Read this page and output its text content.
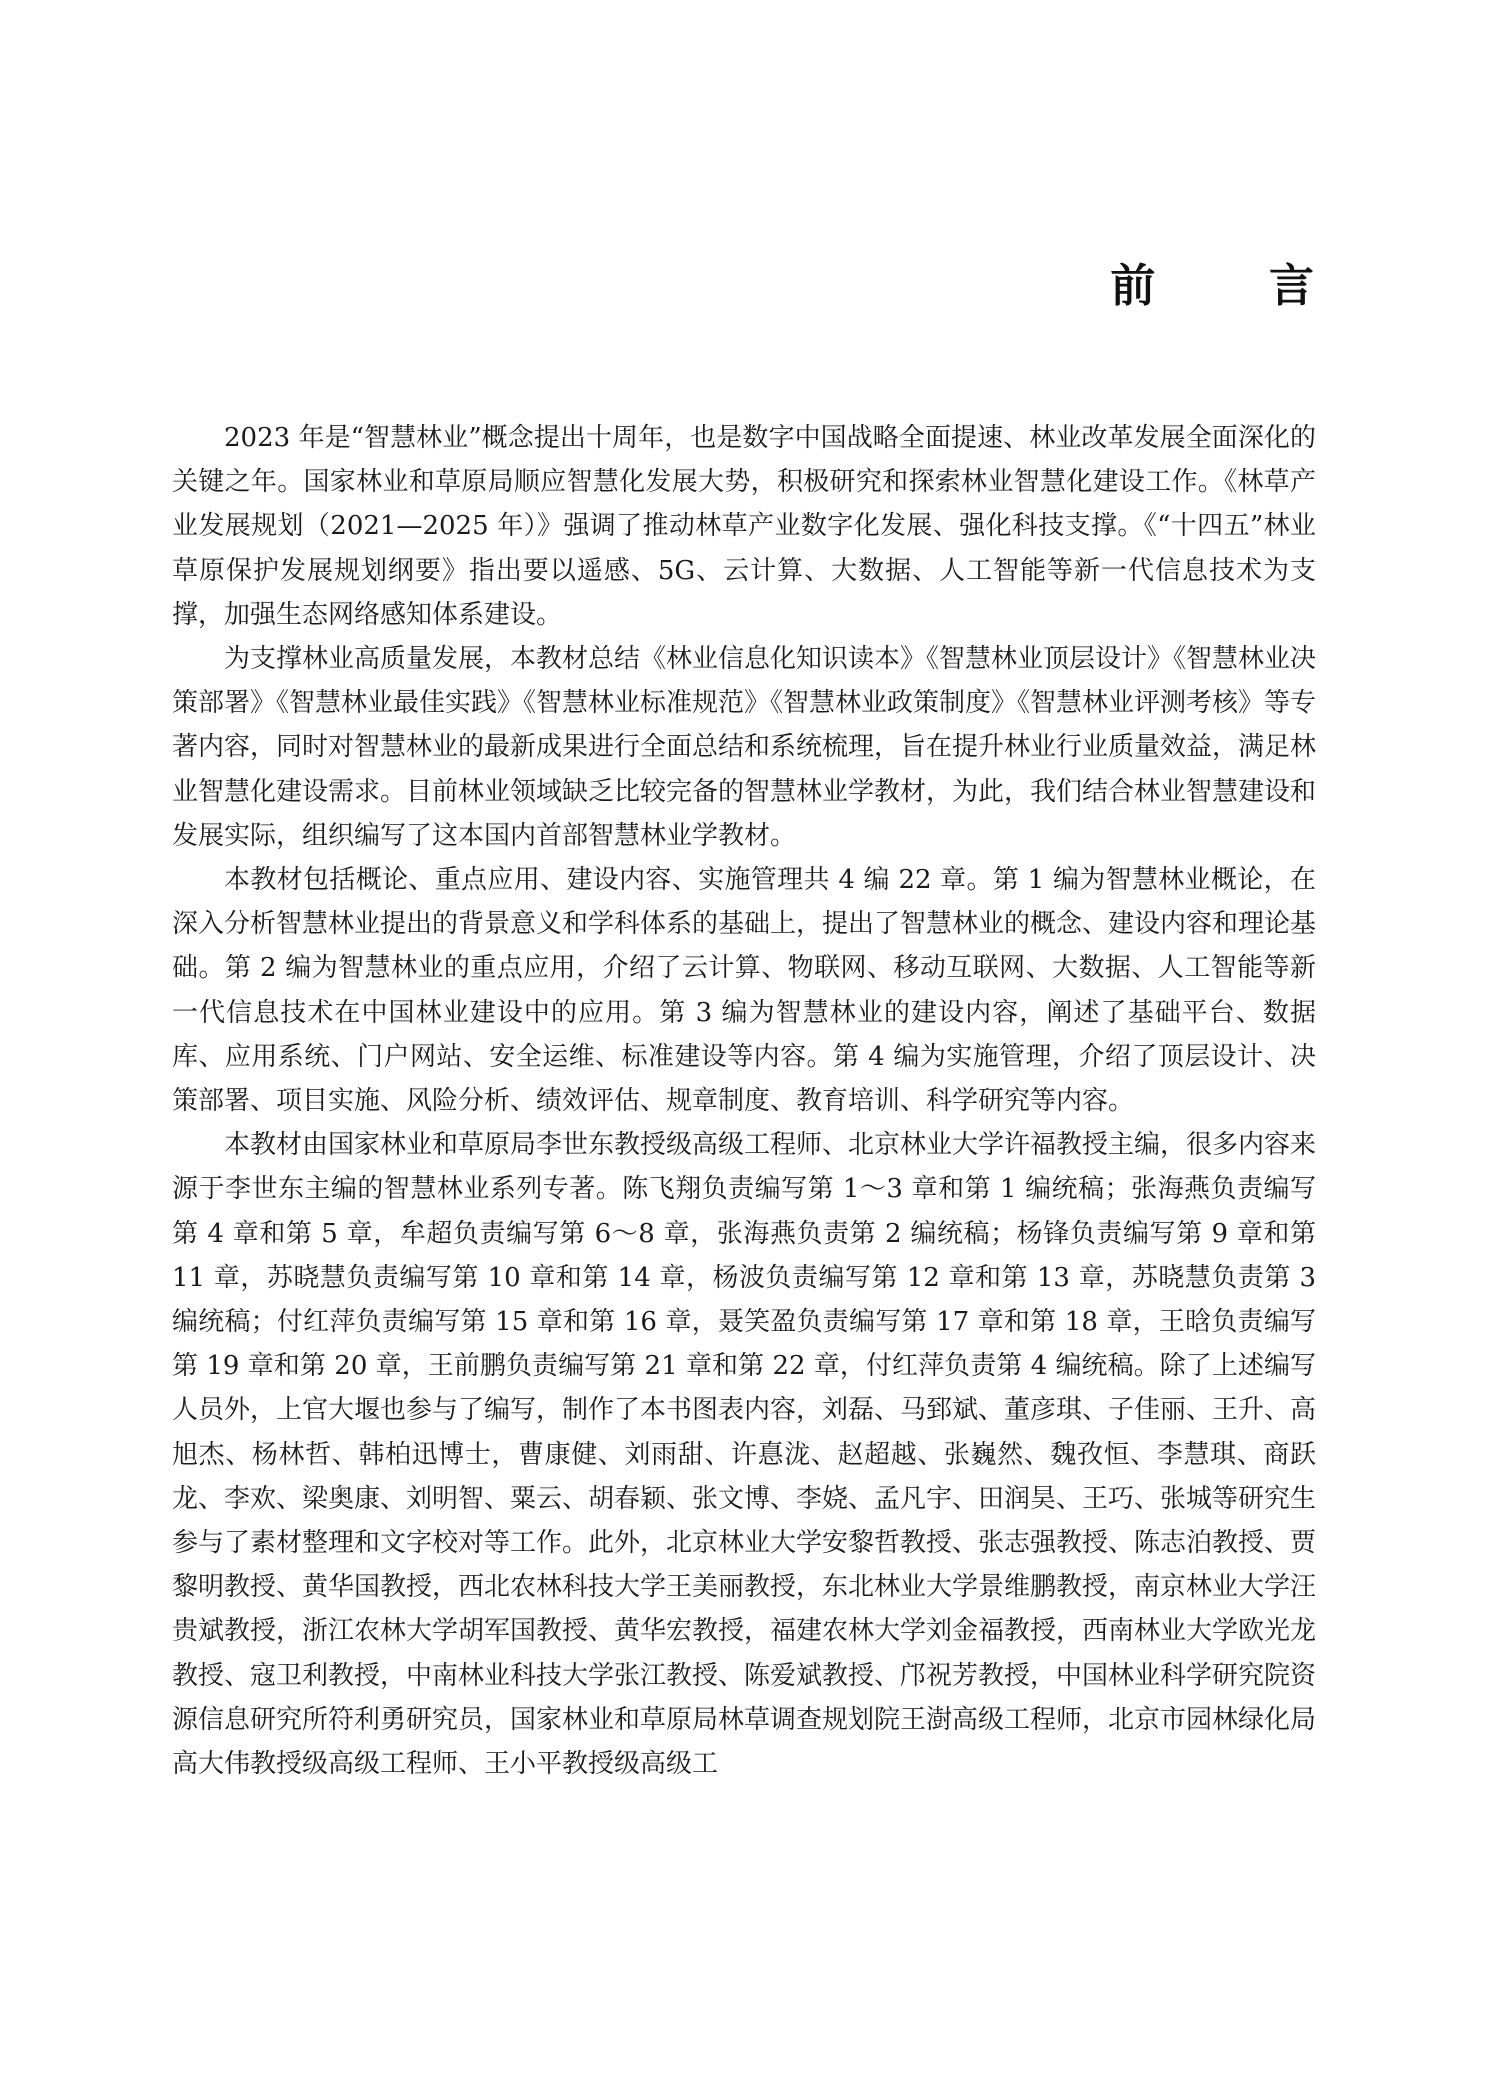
前 言

2023 年是“智慧林业”概念提出十周年，也是数字中国战略全面提速、林业改革发展全面深化的关键之年。国家林业和草原局顺应智慧化发展大势，积极研究和探索林业智慧化建设工作。《林草产业发展规划（2021—2025 年）》强调了推动林草产业数字化发展、强化科技支撑。《“十四五”林业草原保护发展规划纲要》指出要以遥感、5G、云计算、大数据、人工智能等新一代信息技术为支撑，加强生态网络感知体系建设。

为支撑林业高质量发展，本教材总结《林业信息化知识读本》《智慧林业顶层设计》《智慧林业决策部署》《智慧林业最佳实践》《智慧林业标准规范》《智慧林业政策制度》《智慧林业评测考核》等专著内容，同时对智慧林业的最新成果进行全面总结和系统梳理，旨在提升林业行业质量效益，满足林业智慧化建设需求。目前林业领域缺乏比较完备的智慧林业学教材，为此，我们结合林业智慧建设和发展实际，组织编写了这本国内首部智慧林业学教材。

本教材包括概论、重点应用、建设内容、实施管理共 4 编 22 章。第 1 编为智慧林业概论，在深入分析智慧林业提出的背景意义和学科体系的基础上，提出了智慧林业的概念、建设内容和理论基础。第 2 编为智慧林业的重点应用，介绍了云计算、物联网、移动互联网、大数据、人工智能等新一代信息技术在中国林业建设中的应用。第 3 编为智慧林业的建设内容，阐述了基础平台、数据库、应用系统、门户网站、安全运维、标准建设等内容。第 4 编为实施管理，介绍了顶层设计、决策部署、项目实施、风险分析、绩效评估、规章制度、教育培训、科学研究等内容。

本教材由国家林业和草原局李世东教授级高级工程师、北京林业大学许福教授主编，很多内容来源于李世东主编的智慧林业系列专著。陈飞翔负责编写第 1～3 章和第 1 编统稿；张海燕负责编写第 4 章和第 5 章，牟超负责编写第 6～8 章，张海燕负责第 2 编统稿；杨锋负责编写第 9 章和第 11 章，苏晓慧负责编写第 10 章和第 14 章，杨波负责编写第 12 章和第 13 章，苏晓慧负责第 3 编统稿；付红萍负责编写第 15 章和第 16 章，聂笑盈负责编写第 17 章和第 18 章，王晗负责编写第 19 章和第 20 章，王前鹏负责编写第 21 章和第 22 章，付红萍负责第 4 编统稿。除了上述编写人员外，上官大堰也参与了编写，制作了本书图表内容，刘磊、马郅斌、董彦琪、子佳丽、王升、高旭杰、杨林哲、韩柏迅博士，曹康健、刘雨甜、许惪泷、赵超越、张巍然、魏孜恒、李慧琪、商跃龙、李欢、梁奥康、刘明智、粟云、胡春颖、张文博、李娆、孟凡宇、田润昊、王巧、张城等研究生参与了素材整理和文字校对等工作。此外，北京林业大学安黎哲教授、张志强教授、陈志泊教授、贾黎明教授、黄华国教授，西北农林科技大学王美丽教授，东北林业大学景维鹏教授，南京林业大学汪贵斌教授，浙江农林大学胡军国教授、黄华宏教授，福建农林大学刘金福教授，西南林业大学欧光龙教授、寇卫利教授，中南林业科技大学张江教授、陈爱斌教授、邝祝芳教授，中国林业科学研究院资源信息研究所符利勇研究员，国家林业和草原局林草调查规划院王澍高级工程师，北京市园林绿化局高大伟教授级高级工程师、王小平教授级高级工
